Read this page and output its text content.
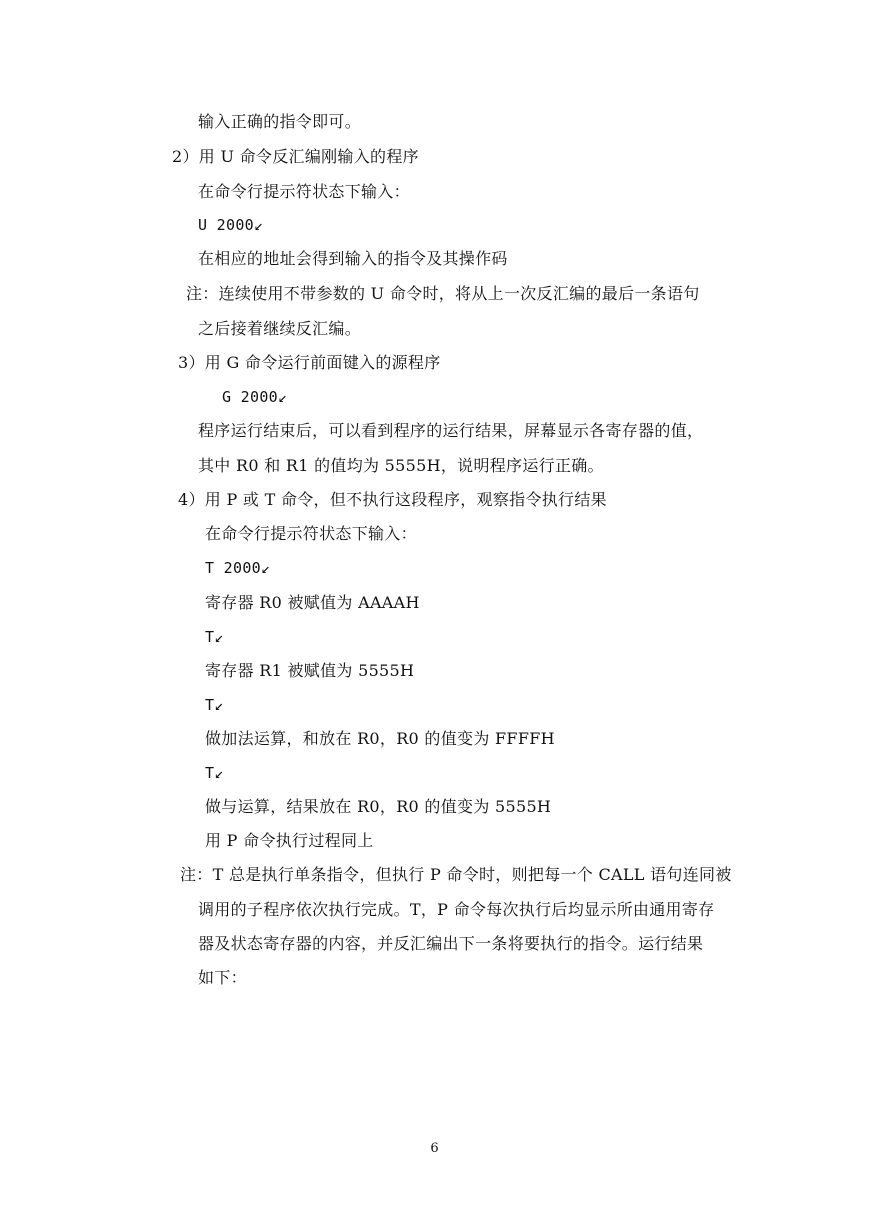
输入正确的指令即可。
2）用 U 命令反汇编刚输入的程序
在命令行提示符状态下输入：
U 2000↙
在相应的地址会得到输入的指令及其操作码
注：连续使用不带参数的 U 命令时，将从上一次反汇编的最后一条语句
之后接着继续反汇编。
3）用 G 命令运行前面键入的源程序
G 2000↙
程序运行结束后，可以看到程序的运行结果，屏幕显示各寄存器的值，
其中 R0 和 R1 的值均为 5555H，说明程序运行正确。
4）用 P 或 T 命令，但不执行这段程序，观察指令执行结果
在命令行提示符状态下输入：
T 2000↙
寄存器 R0 被赋值为 AAAAH
T↙
寄存器 R1 被赋值为 5555H
T↙
做加法运算，和放在 R0，R0 的值变为 FFFFH
T↙
做与运算，结果放在 R0，R0 的值变为 5555H
用 P 命令执行过程同上
注：T 总是执行单条指令，但执行 P 命令时，则把每一个 CALL 语句连同被
调用的子程序依次执行完成。T，P 命令每次执行后均显示所由通用寄存
器及状态寄存器的内容，并反汇编出下一条将要执行的指令。运行结果
如下：
6
